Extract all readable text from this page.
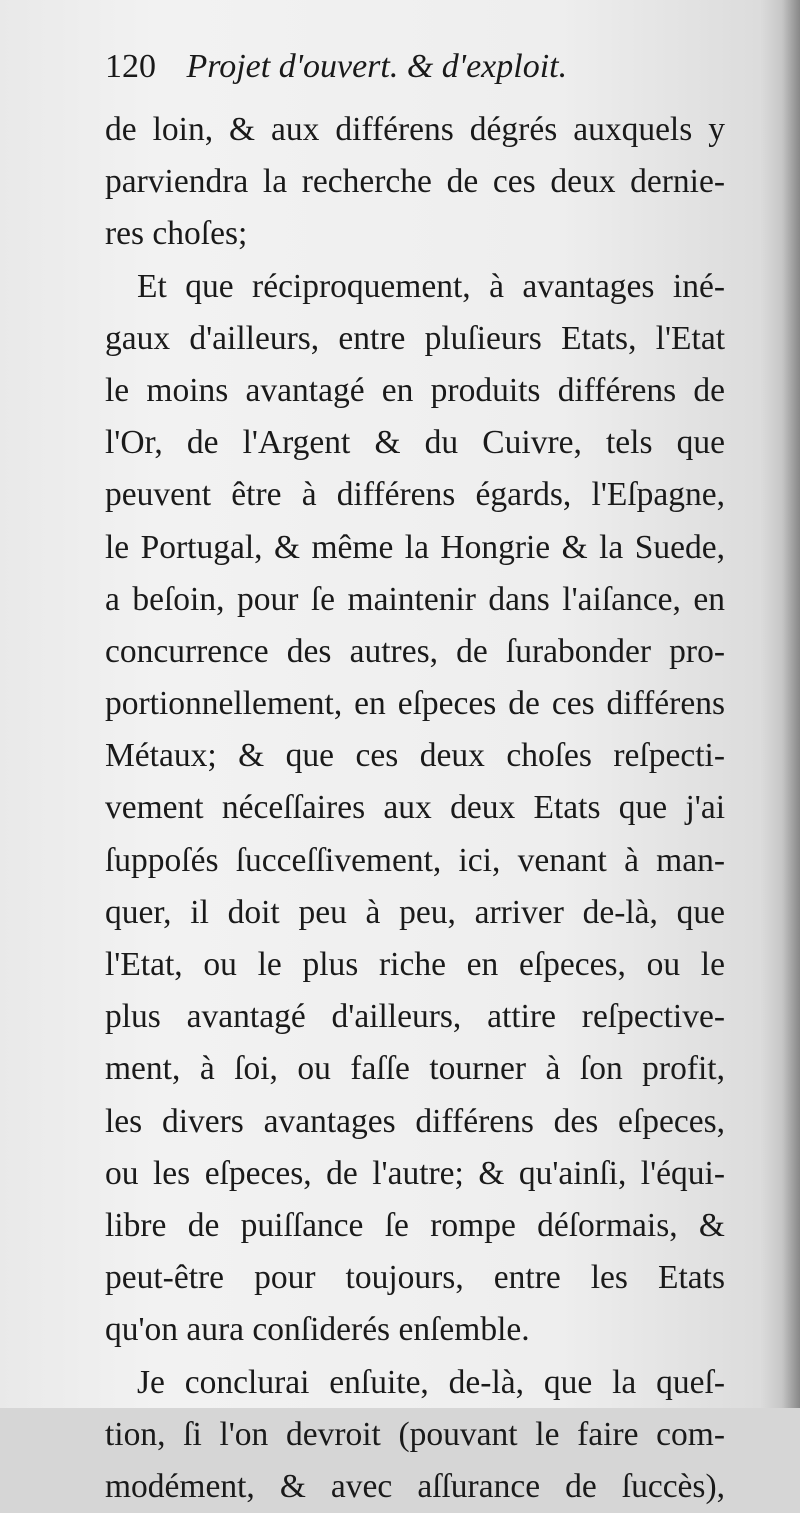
120 Projet d'ouvert. & d'exploit.
de loin, & aux différens dégrés auxquels y
parviendra la recherche de ces deux dernie-
res choſes;
Et que réciproquement, à avantages iné-
gaux d'ailleurs, entre pluſieurs Etats, l'Etat
le moins avantagé en produits différens de
l'Or, de l'Argent & du Cuivre, tels que
peuvent être à différens égards, l'Eſpagne,
le Portugal, & même la Hongrie & la Suede,
a beſoin, pour ſe maintenir dans l'aiſance, en
concurrence des autres, de ſurabonder pro-
portionnellement, en eſpeces de ces différens
Métaux; & que ces deux choſes reſpecti-
vement néceſſaires aux deux Etats que j'ai
ſuppoſés ſucceſſivement, ici, venant à man-
quer, il doit peu à peu, arriver de-là, que
l'Etat, ou le plus riche en eſpeces, ou le
plus avantagé d'ailleurs, attire reſpective-
ment, à ſoi, ou faſſe tourner à ſon profit,
les divers avantages différens des eſpeces,
ou les eſpeces, de l'autre; & qu'ainſi, l'équi-
libre de puiſſance ſe rompe déſormais, &
peut-être pour toujours, entre les Etats
qu'on aura conſiderés enſemble.
Je conclurai enſuite, de-là, que la queſ-
tion, ſi l'on devroit (pouvant le faire com-
modément, & avec aſſurance de ſuccès),
